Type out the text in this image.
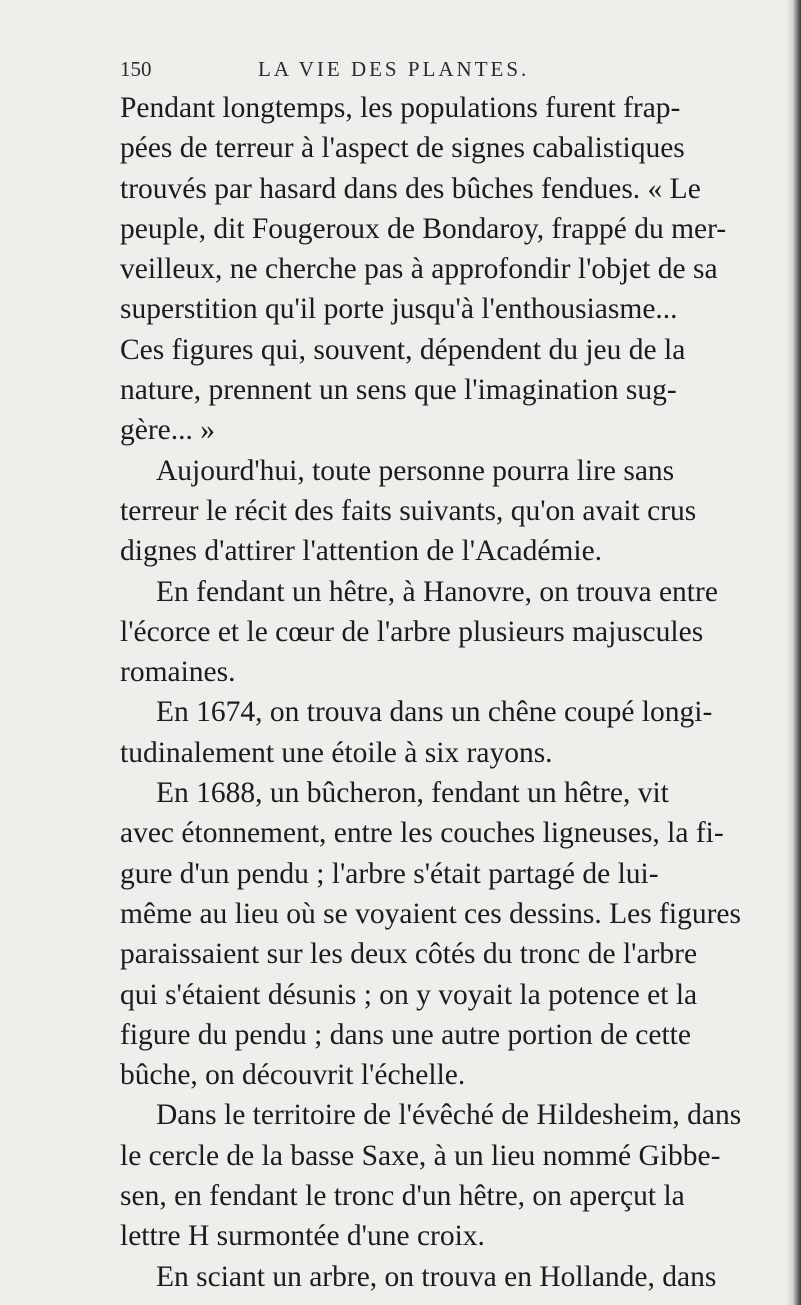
150	LA VIE DES PLANTES.
Pendant longtemps, les populations furent frap-
pées de terreur à l'aspect de signes cabalistiques
trouvés par hasard dans des bûches fendues. « Le
peuple, dit Fougeroux de Bondaroy, frappé du mer-
veilleux, ne cherche pas à approfondir l'objet de sa
superstition qu'il porte jusqu'à l'enthousiasme...
Ces figures qui, souvent, dépendent du jeu de la
nature, prennent un sens que l'imagination sug-
gère... »
Aujourd'hui, toute personne pourra lire sans
terreur le récit des faits suivants, qu'on avait crus
dignes d'attirer l'attention de l'Académie.
En fendant un hêtre, à Hanovre, on trouva entre
l'écorce et le cœur de l'arbre plusieurs majuscules
romaines.
En 1674, on trouva dans un chêne coupé longi-
tudinalement une étoile à six rayons.
En 1688, un bûcheron, fendant un hêtre, vit
avec étonnement, entre les couches ligneuses, la fi-
gure d'un pendu ; l'arbre s'était partagé de lui-
même au lieu où se voyaient ces dessins. Les figures
paraissaient sur les deux côtés du tronc de l'arbre
qui s'étaient désunis ; on y voyait la potence et la
figure du pendu ; dans une autre portion de cette
bûche, on découvrit l'échelle.
Dans le territoire de l'évêché de Hildesheim, dans
le cercle de la basse Saxe, à un lieu nommé Gibbe-
sen, en fendant le tronc d'un hêtre, on aperçut la
lettre H surmontée d'une croix.
En sciant un arbre, on trouva en Hollande, dans
